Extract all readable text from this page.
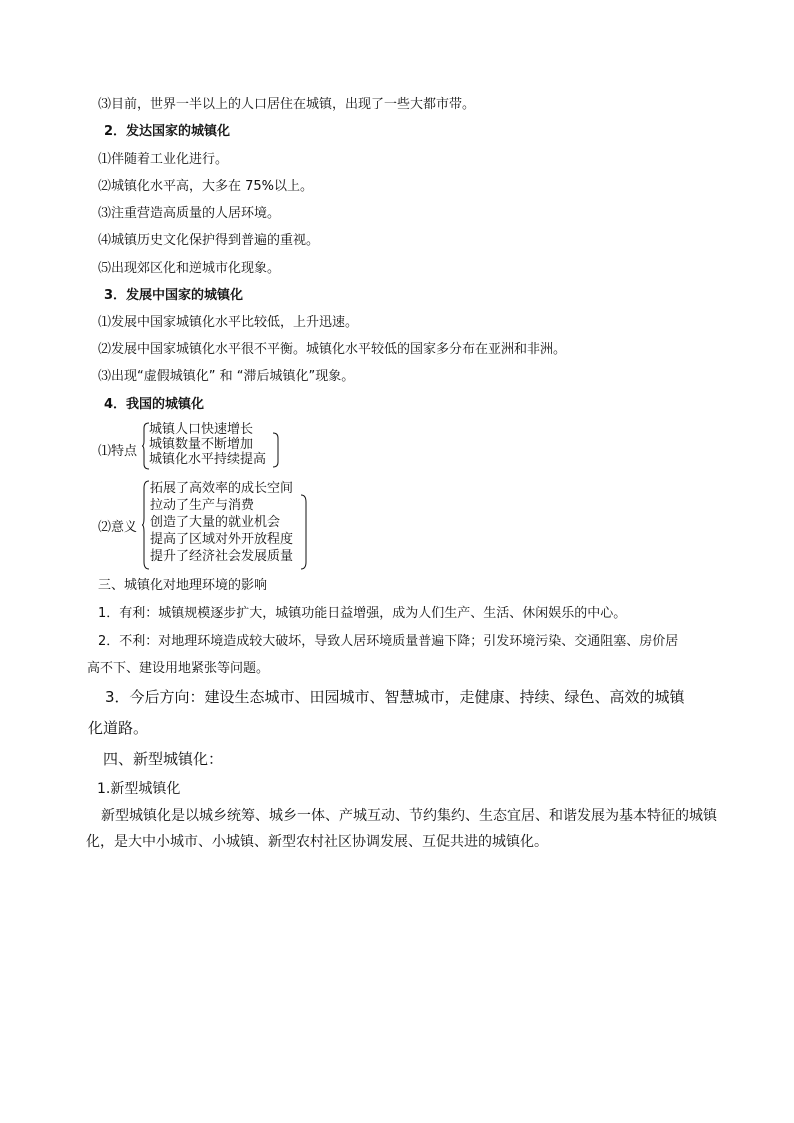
⑶目前，世界一半以上的人口居住在城镇，出现了一些大都市带。
2．发达国家的城镇化
⑴伴随着工业化进行。
⑵城镇化水平高，大多在 75%以上。
⑶注重营造高质量的人居环境。
⑷城镇历史文化保护得到普遍的重视。
⑸出现郊区化和逆城市化现象。
3．发展中国家的城镇化
⑴发展中国家城镇化水平比较低，上升迅速。
⑵发展中国家城镇化水平很不平衡。城镇化水平较低的国家多分布在亚洲和非洲。
⑶出现“虚假城镇化” 和 “滞后城镇化”现象。
4．我国的城镇化
⑴特点
城镇人口快速增长
城镇数量不断增加
城镇化水平持续提高
⑵意义
拓展了高效率的成长空间
拉动了生产与消费
创造了大量的就业机会
提高了区域对外开放程度
提升了经济社会发展质量
三、城镇化对地理环境的影响
1．有利：城镇规模逐步扩大，城镇功能日益增强，成为人们生产、生活、休闲娱乐的中心。
2．不利：对地理环境造成较大破坏，导致人居环境质量普遍下降；引发环境污染、交通阻塞、房价居
高不下、建设用地紧张等问题。
3．今后方向：建设生态城市、田园城市、智慧城市，走健康、持续、绿色、高效的城镇
化道路。
四、新型城镇化：
1.新型城镇化
新型城镇化是以城乡统筹、城乡一体、产城互动、节约集约、生态宜居、和谐发展为基本特征的城镇
化，是大中小城市、小城镇、新型农村社区协调发展、互促共进的城镇化。
